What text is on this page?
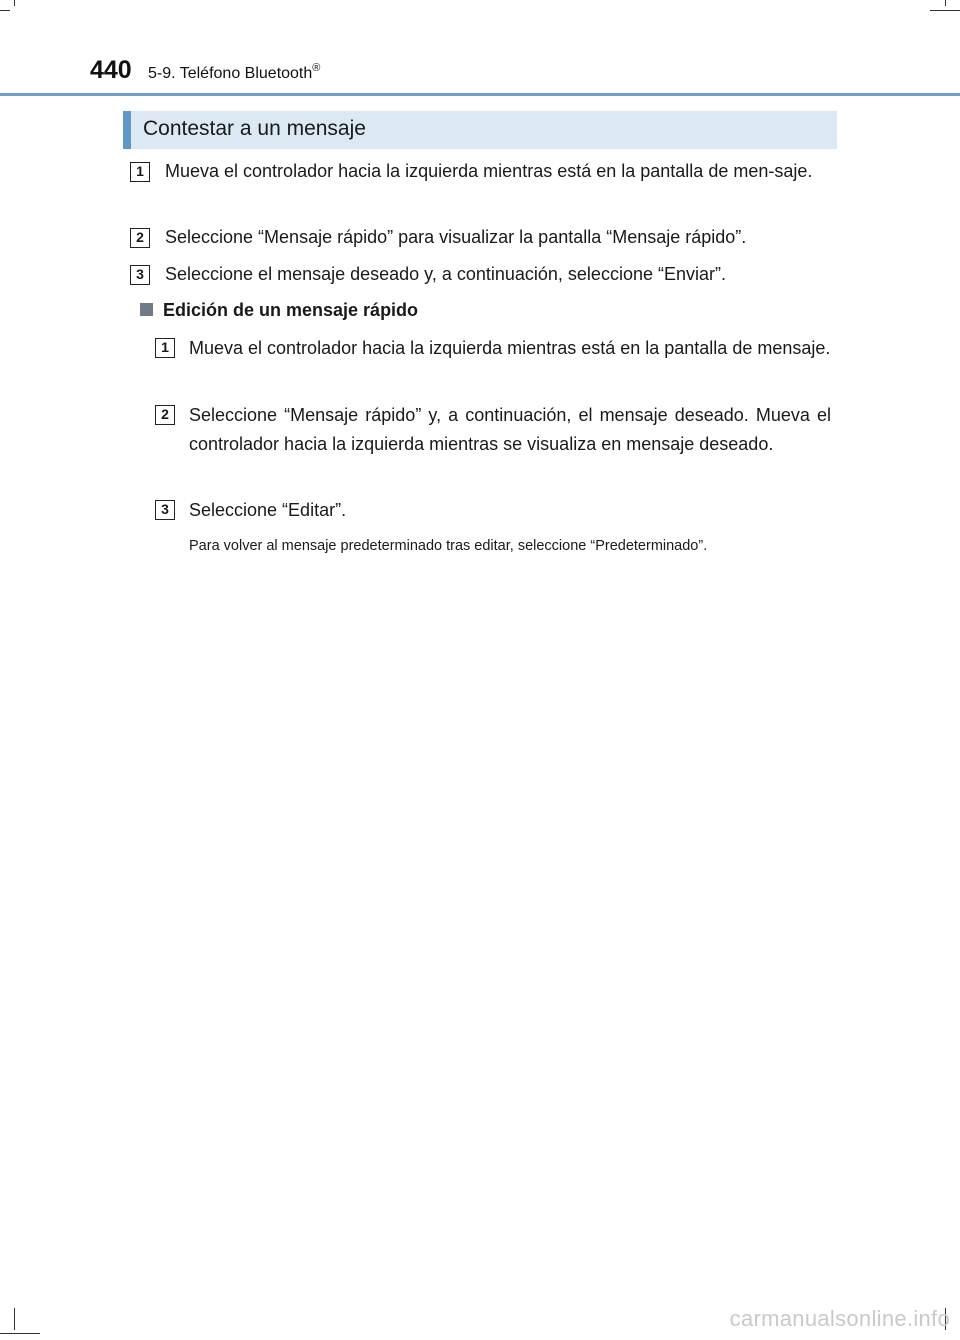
440 5-9. Teléfono Bluetooth®
Contestar a un mensaje
1	Mueva el controlador hacia la izquierda mientras está en la pantalla de men-saje.
2	Seleccione “Mensaje rápido” para visualizar la pantalla “Mensaje rápido”.
3	Seleccione el mensaje deseado y, a continuación, seleccione “Enviar”.
Edición de un mensaje rápido
1	Mueva el controlador hacia la izquierda mientras está en la pantalla de mensaje.
2	Seleccione “Mensaje rápido” y, a continuación, el mensaje deseado. Mueva el controlador hacia la izquierda mientras se visualiza en mensaje deseado.
3	Seleccione “Editar”.
Para volver al mensaje predeterminado tras editar, seleccione “Predeterminado”.
carmanualsonline.info
